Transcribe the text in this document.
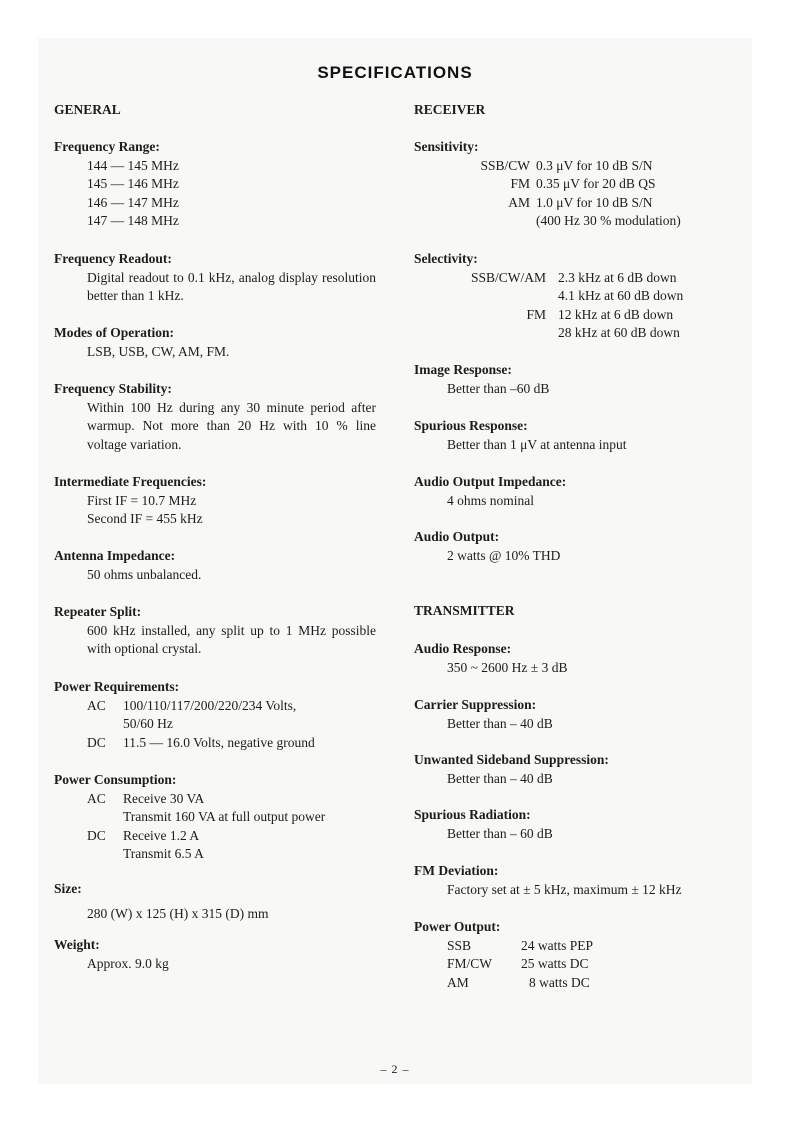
SPECIFICATIONS
GENERAL
Frequency Range:
144 — 145 MHz
145 — 146 MHz
146 — 147 MHz
147 — 148 MHz
Frequency Readout:
Digital readout to 0.1 kHz, analog display resolution better than 1 kHz.
Modes of Operation:
LSB, USB, CW, AM, FM.
Frequency Stability:
Within 100 Hz during any 30 minute period after warmup. Not more than 20 Hz with 10 % line voltage variation.
Intermediate Frequencies:
First IF = 10.7 MHz
Second IF = 455 kHz
Antenna Impedance:
50 ohms unbalanced.
Repeater Split:
600 kHz installed, any split up to 1 MHz possible with optional crystal.
Power Requirements:
AC	100/110/117/200/220/234 Volts,
50/60 Hz
DC	11.5 — 16.0 Volts, negative ground
Power Consumption:
AC	Receive 30 VA
Transmit 160 VA at full output power
DC	Receive 1.2 A
Transmit 6.5 A
Size:
280 (W) x 125 (H) x 315 (D) mm
Weight:
Approx. 9.0 kg
RECEIVER
Sensitivity:
SSB/CW 0.3 μV for 10 dB S/N
FM 0.35 μV for 20 dB QS
AM 1.0 μV for 10 dB S/N
(400 Hz 30 % modulation)
Selectivity:
SSB/CW/AM 2.3 kHz at 6 dB down
4.1 kHz at 60 dB down
FM 12 kHz at 6 dB down
28 kHz at 60 dB down
Image Response:
Better than –60 dB
Spurious Response:
Better than 1 μV at antenna input
Audio Output Impedance:
4 ohms nominal
Audio Output:
2 watts @ 10% THD
TRANSMITTER
Audio Response:
350 ~ 2600 Hz ± 3 dB
Carrier Suppression:
Better than – 40 dB
Unwanted Sideband Suppression:
Better than – 40 dB
Spurious Radiation:
Better than – 60 dB
FM Deviation:
Factory set at ± 5 kHz, maximum ± 12 kHz
Power Output:
SSB	24 watts PEP
FM/CW	25 watts DC
AM	8 watts DC
– 2 –
